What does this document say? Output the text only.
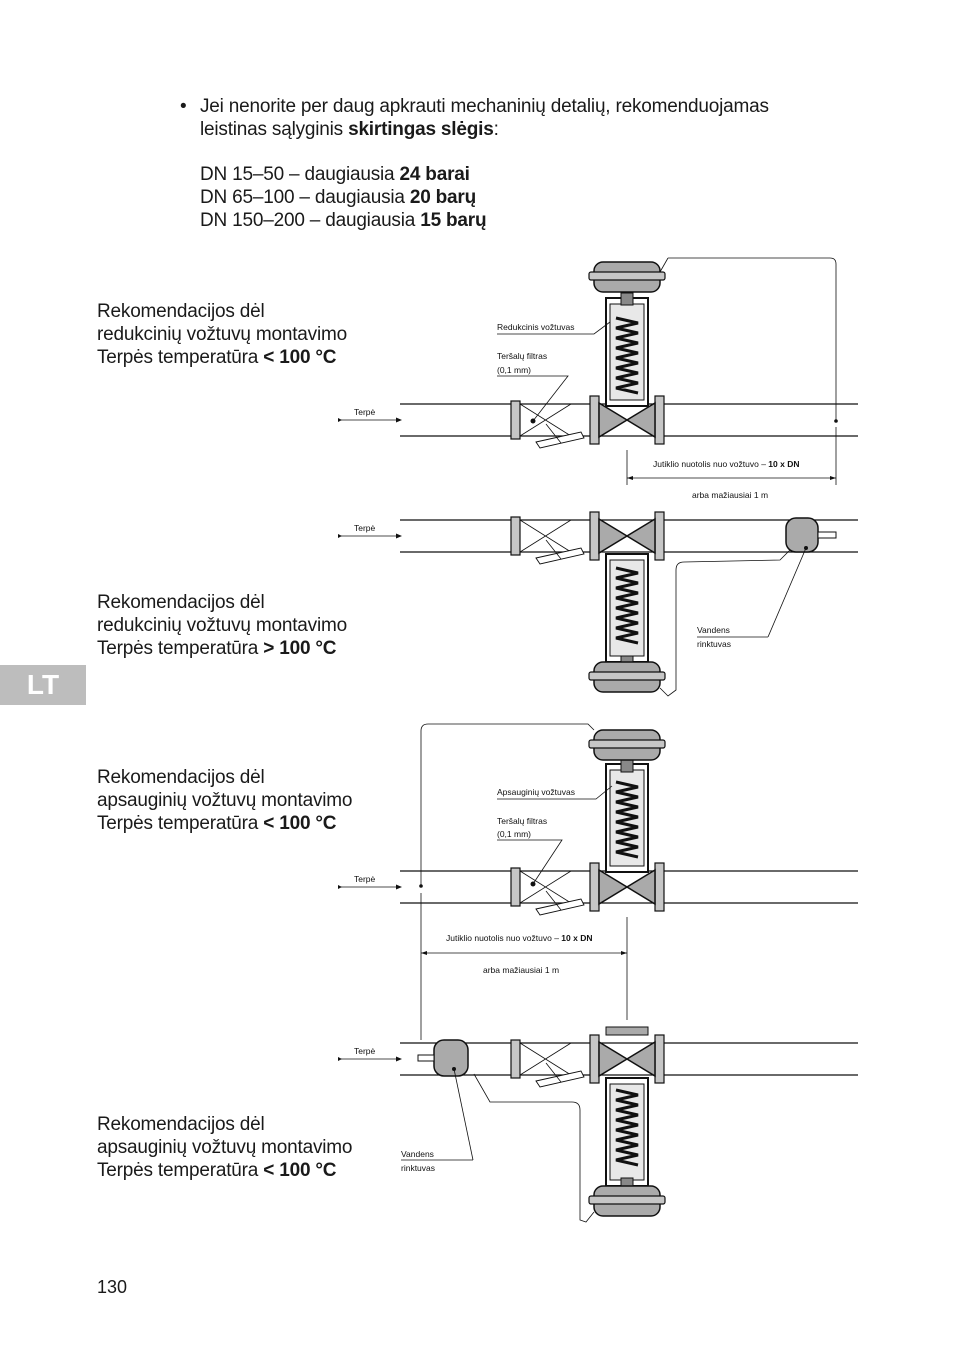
• Jei nenorite per daug apkrauti mechaninių detalių, rekomenduojamas
leistinas sąlyginis skirtingas slėgis:
DN 15–50 – daugiausia 24 barai
DN 65–100 – daugiausia 20 barų
DN 150–200 – daugiausia 15 barų
Rekomendacijos dėl
redukcinių vožtuvų montavimo
Terpės temperatūra < 100 °C
Rekomendacijos dėl
redukcinių vožtuvų montavimo
Terpės temperatūra > 100 °C
Rekomendacijos dėl
apsauginių vožtuvų montavimo
Terpės temperatūra < 100 °C
Rekomendacijos dėl
apsauginių vožtuvų montavimo
Terpės temperatūra < 100 °C
LT
130
Terpė
Redukcinis vožtuvas
Teršalų filtras
(0,1 mm)
Jutiklio nuotolis nuo vožtuvo – 10 x DN
arba mažiausiai 1 m
Terpė
Vandens
rinktuvas
Terpė
Apsauginių vožtuvas
Teršalų filtras
(0,1 mm)
Jutiklio nuotolis nuo vožtuvo – 10 x DN
arba mažiausiai 1 m
Terpė
Vandens
rinktuvas
